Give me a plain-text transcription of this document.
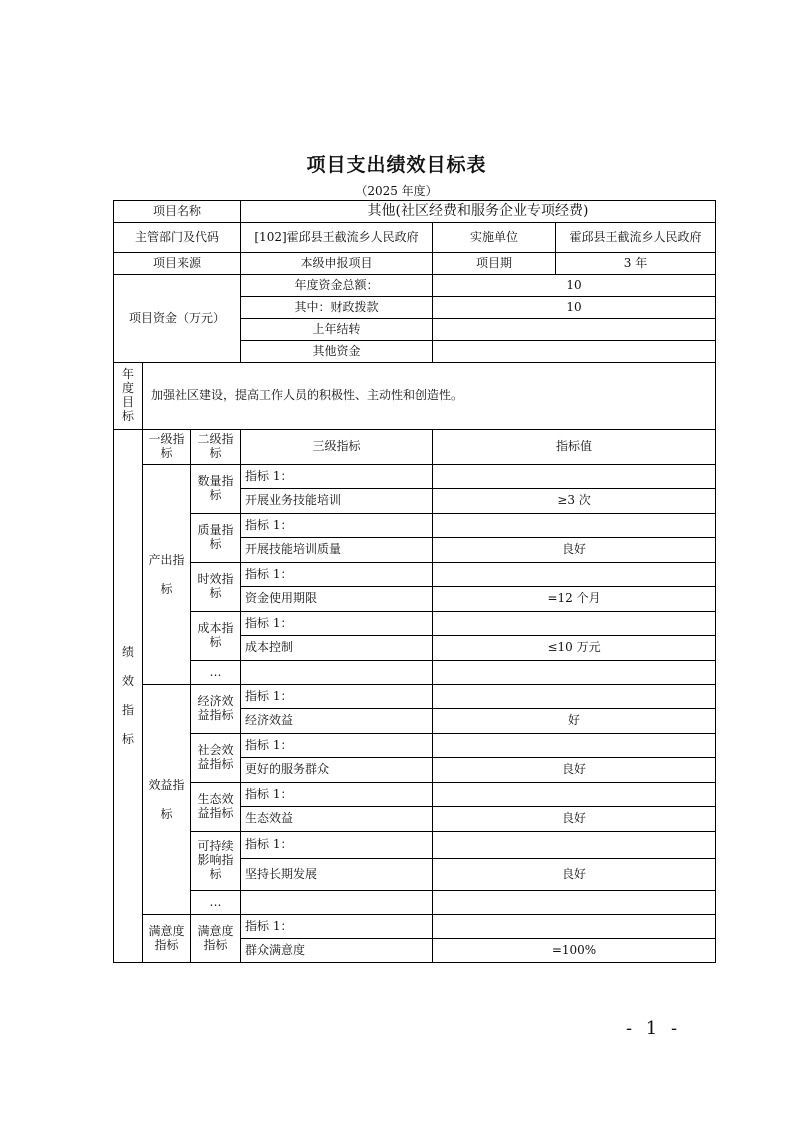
项目支出绩效目标表
（2025 年度）
项目名称			其他(社区经费和服务企业专项经费)		
主管部门及代码			[102]霍邱县王截流乡人民政府	实施单位	霍邱县王截流乡人民政府
项目来源			本级申报项目	项目期	3 年
项目资金（万元）			年度资金总额：	10	
			其中：财政拨款	10	
			上年结转		
			其他资金		
年度目标	加强社区建设，提高工作人员的积极性、主动性和创造性。				
绩效指标	一级指标	二级指标	三级指标	指标值	
	产出指标	数量指标	指标 1：		
			开展业务技能培训	≥3 次	
		质量指标	指标 1：		
			开展技能培训质量	良好	
		时效指标	指标 1：		
			资金使用期限	=12 个月	
		成本指标	指标 1：		
			成本控制	≤10 万元	
		…			
	效益指标	经济效益指标	指标 1：		
			经济效益	好	
		社会效益指标	指标 1：		
			更好的服务群众	良好	
		生态效益指标	指标 1：		
			生态效益	良好	
		可持续影响指标	指标 1：		
			坚持长期发展	良好	
		…			
	满意度指标	满意度指标	指标 1：		
			群众满意度	=100%	
- 1 -
